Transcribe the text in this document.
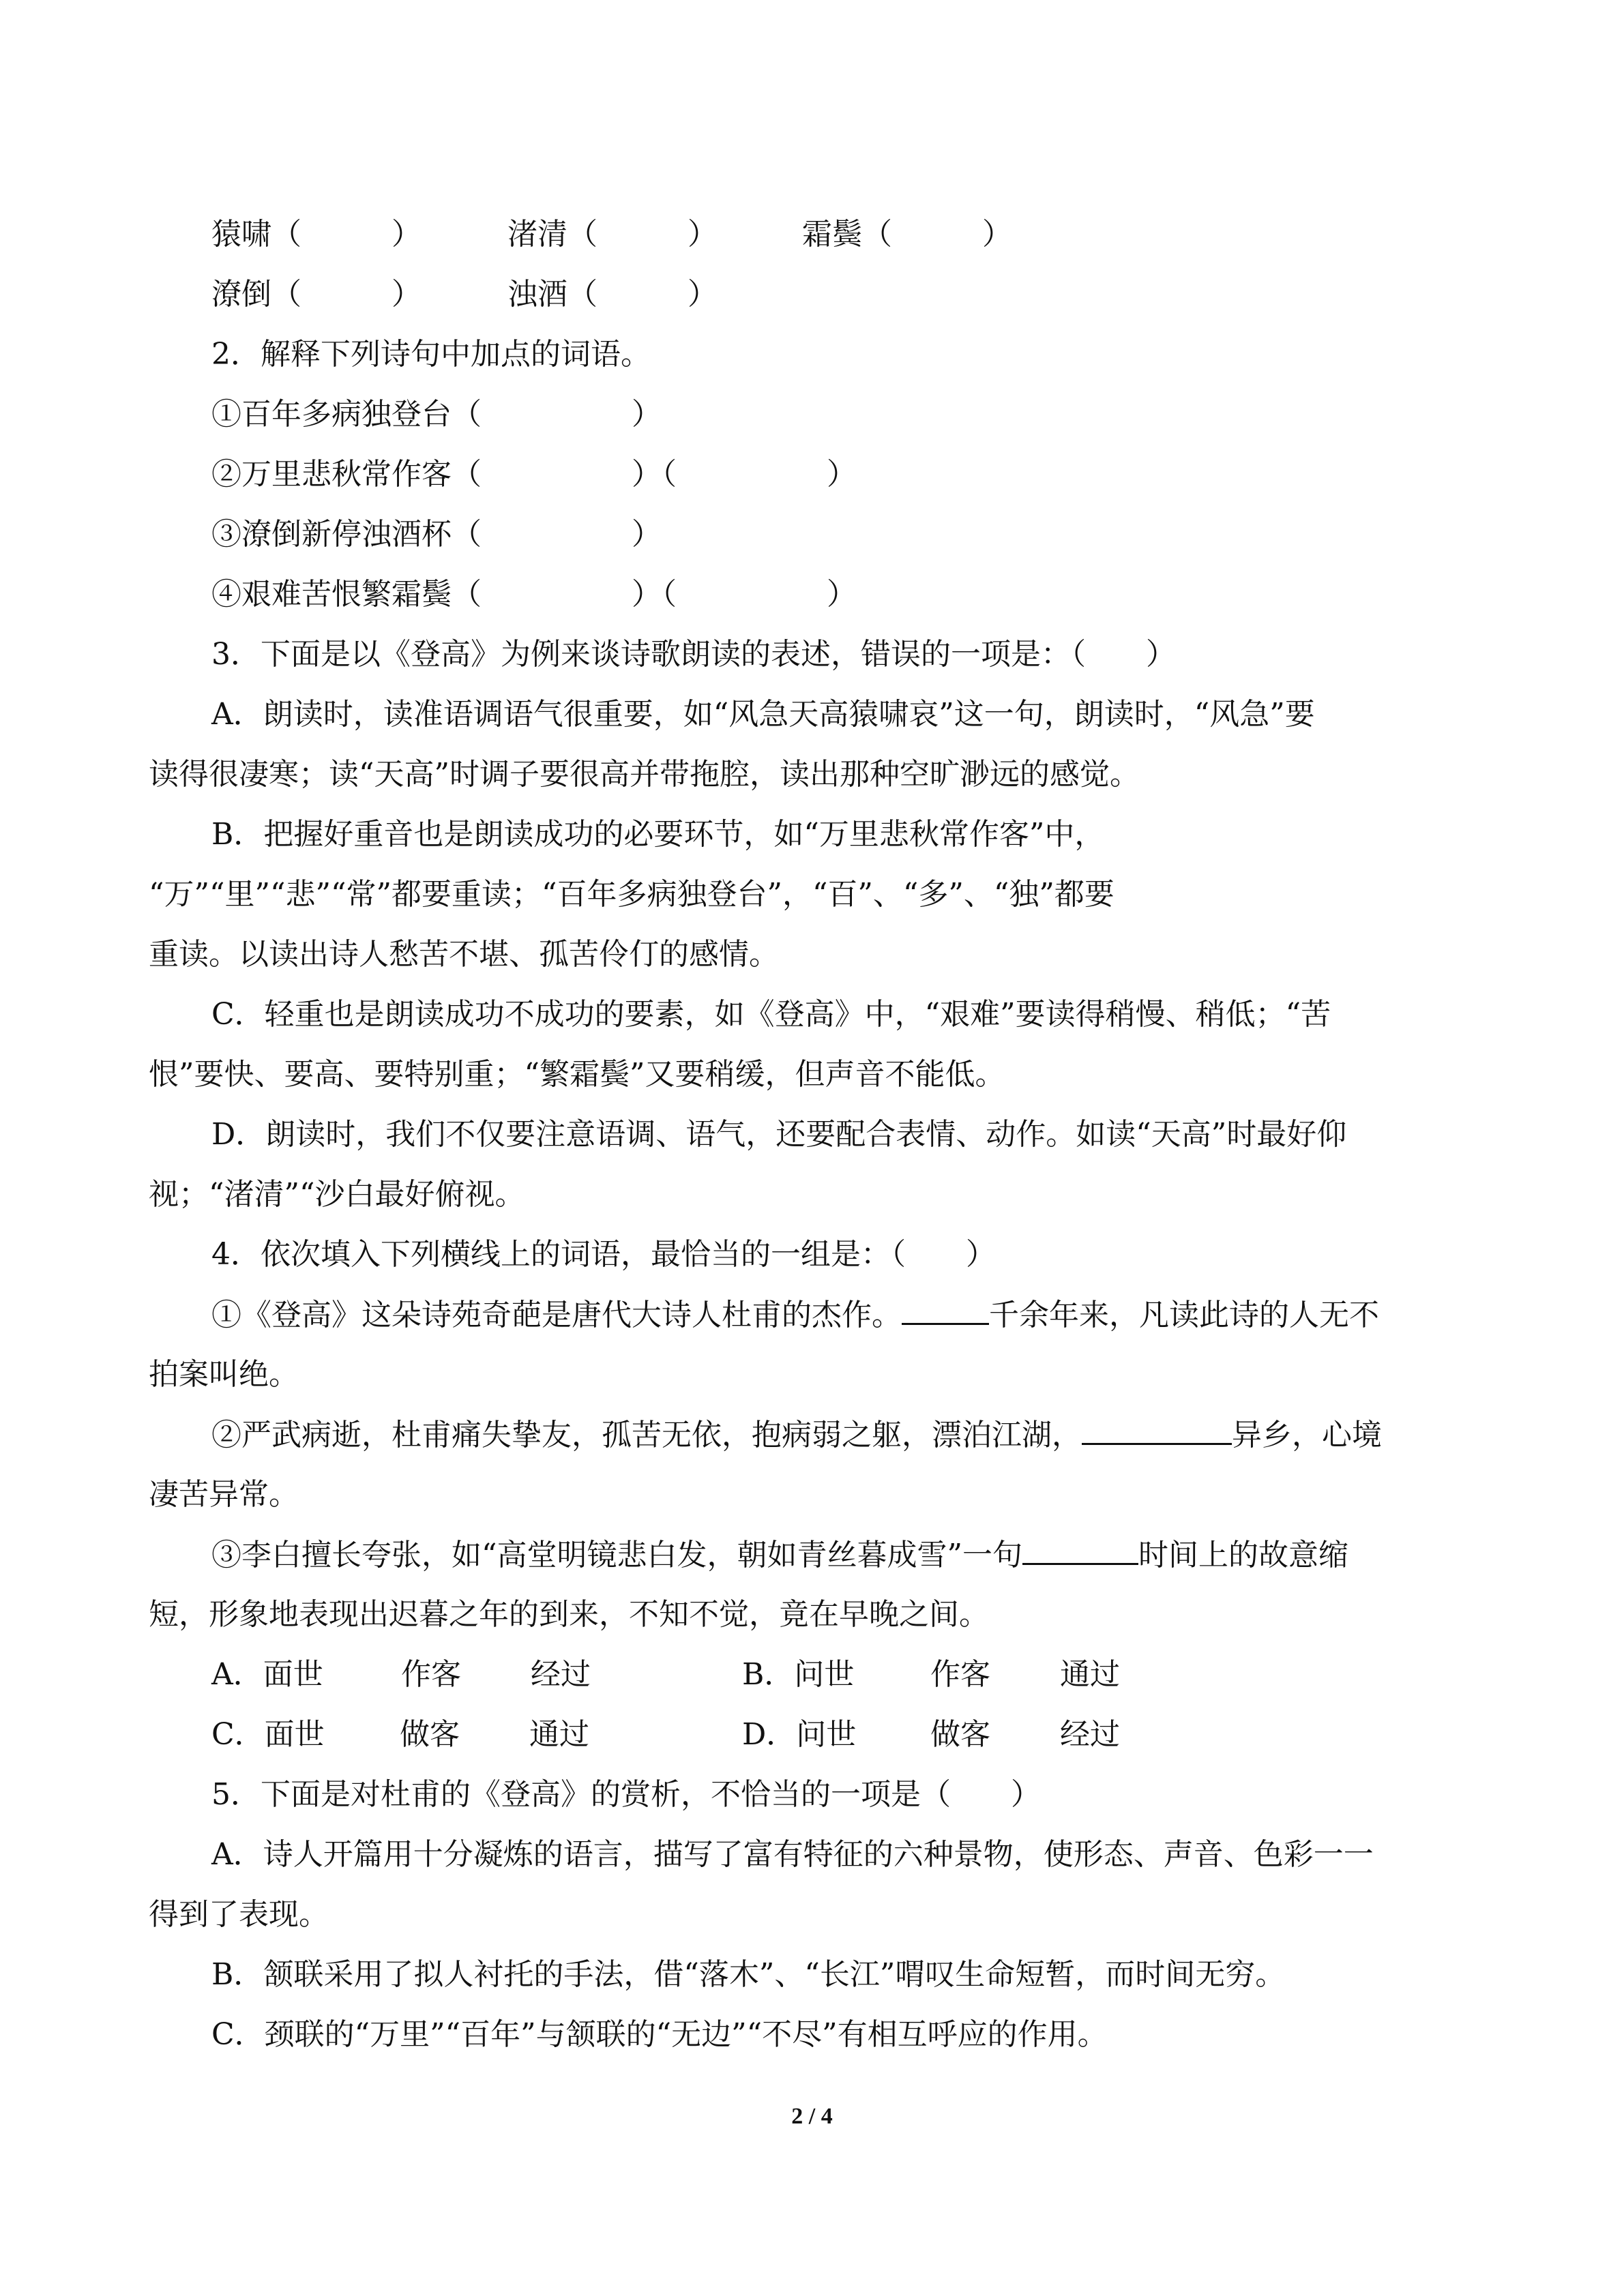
猿啸（　　　）	渚清（　　　）	霜鬓（　　　）
潦倒（　　　）	浊酒（　　　）
2．解释下列诗句中加点的词语。
①百年多病独登台（　　　　　）
②万里悲秋常作客（　　　　　）（　　　　　）
③潦倒新停浊酒杯（　　　　　）
④艰难苦恨繁霜鬓（　　　　　）（　　　　　）
3．下面是以《登高》为例来谈诗歌朗读的表述，错误的一项是：（　　）
A．朗读时，读准语调语气很重要，如“风急天高猿啸哀”这一句，朗读时，“风急”要
读得很凄寒；读“天高”时调子要很高并带拖腔，读出那种空旷渺远的感觉。
B．把握好重音也是朗读成功的必要环节，如“万里悲秋常作客”中，
“万”“里”“悲”“常”都要重读；“百年多病独登台”，“百”、“多”、“独”都要
重读。以读出诗人愁苦不堪、孤苦伶仃的感情。
C．轻重也是朗读成功不成功的要素，如《登高》中，“艰难”要读得稍慢、稍低；“苦
恨”要快、要高、要特别重；“繁霜鬓”又要稍缓，但声音不能低。
D．朗读时，我们不仅要注意语调、语气，还要配合表情、动作。如读“天高”时最好仰
视；“渚清”“沙白最好俯视。
4．依次填入下列横线上的词语，最恰当的一组是：（　　）
①《登高》这朵诗苑奇葩是唐代大诗人杜甫的杰作。	千余年来，凡读此诗的人无不
拍案叫绝。
②严武病逝，杜甫痛失挚友，孤苦无依，抱病弱之躯，漂泊江湖，	异乡，心境
凄苦异常。
③李白擅长夸张，如“高堂明镜悲白发，朝如青丝暮成雪”一句	时间上的故意缩
短，形象地表现出迟暮之年的到来，不知不觉，竟在早晚之间。
A．面世	作客 经过	B．问世	作客 通过
C．面世	做客 通过	D．问世 做客 经过
5．下面是对杜甫的《登高》的赏析，不恰当的一项是（　　）
A．诗人开篇用十分凝炼的语言，描写了富有特征的六种景物，使形态、声音、色彩一一
得到了表现。
B．颔联采用了拟人衬托的手法，借“落木”、“长江”喟叹生命短暂，而时间无穷。
C．颈联的“万里”“百年”与颔联的“无边”“不尽”有相互呼应的作用。
2 / 4
